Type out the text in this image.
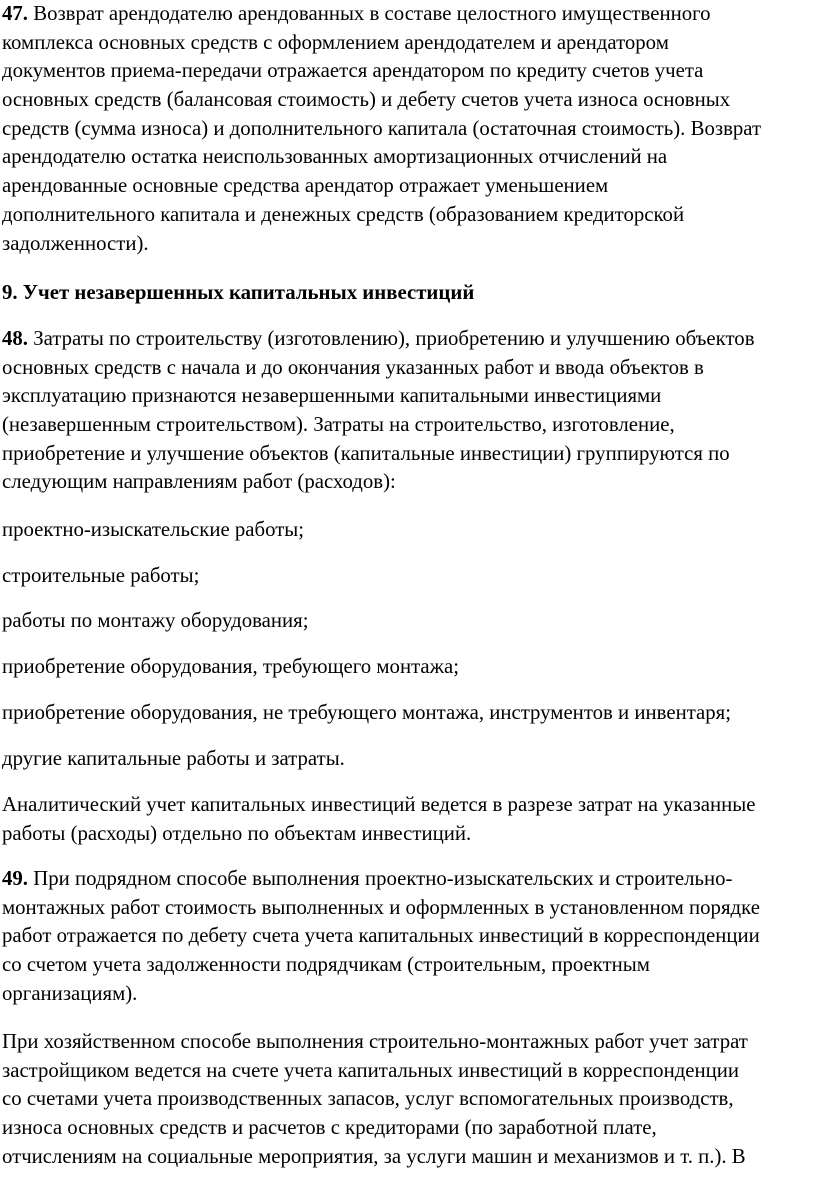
47. Возврат арендодателю арендованных в составе целостного имущественного
комплекса основных средств с оформлением арендодателем и арендатором
документов приема-передачи отражается арендатором по кредиту счетов учета
основных средств (балансовая стоимость) и дебету счетов учета износа основных
средств (сумма износа) и дополнительного капитала (остаточная стоимость). Возврат
арендодателю остатка неиспользованных амортизационных отчислений на
арендованные основные средства арендатор отражает уменьшением
дополнительного капитала и денежных средств (образованием кредиторской
задолженности).
9. Учет незавершенных капитальных инвестиций
48. Затраты по строительству (изготовлению), приобретению и улучшению объектов
основных средств с начала и до окончания указанных работ и ввода объектов в
эксплуатацию признаются незавершенными капитальными инвестициями
(незавершенным строительством). Затраты на строительство, изготовление,
приобретение и улучшение объектов (капитальные инвестиции) группируются по
следующим направлениям работ (расходов):
проектно-изыскательские работы;
строительные работы;
работы по монтажу оборудования;
приобретение оборудования, требующего монтажа;
приобретение оборудования, не требующего монтажа, инструментов и инвентаря;
другие капитальные работы и затраты.
Аналитический учет капитальных инвестиций ведется в разрезе затрат на указанные
работы (расходы) отдельно по объектам инвестиций.
49. При подрядном способе выполнения проектно-изыскательских и строительно-
монтажных работ стоимость выполненных и оформленных в установленном порядке
работ отражается по дебету счета учета капитальных инвестиций в корреспонденции
со счетом учета задолженности подрядчикам (строительным, проектным
организациям).
При хозяйственном способе выполнения строительно-монтажных работ учет затрат
застройщиком ведется на счете учета капитальных инвестиций в корреспонденции
со счетами учета производственных запасов, услуг вспомогательных производств,
износа основных средств и расчетов с кредиторами (по заработной плате,
отчислениям на социальные мероприятия, за услуги машин и механизмов и т. п.). В
